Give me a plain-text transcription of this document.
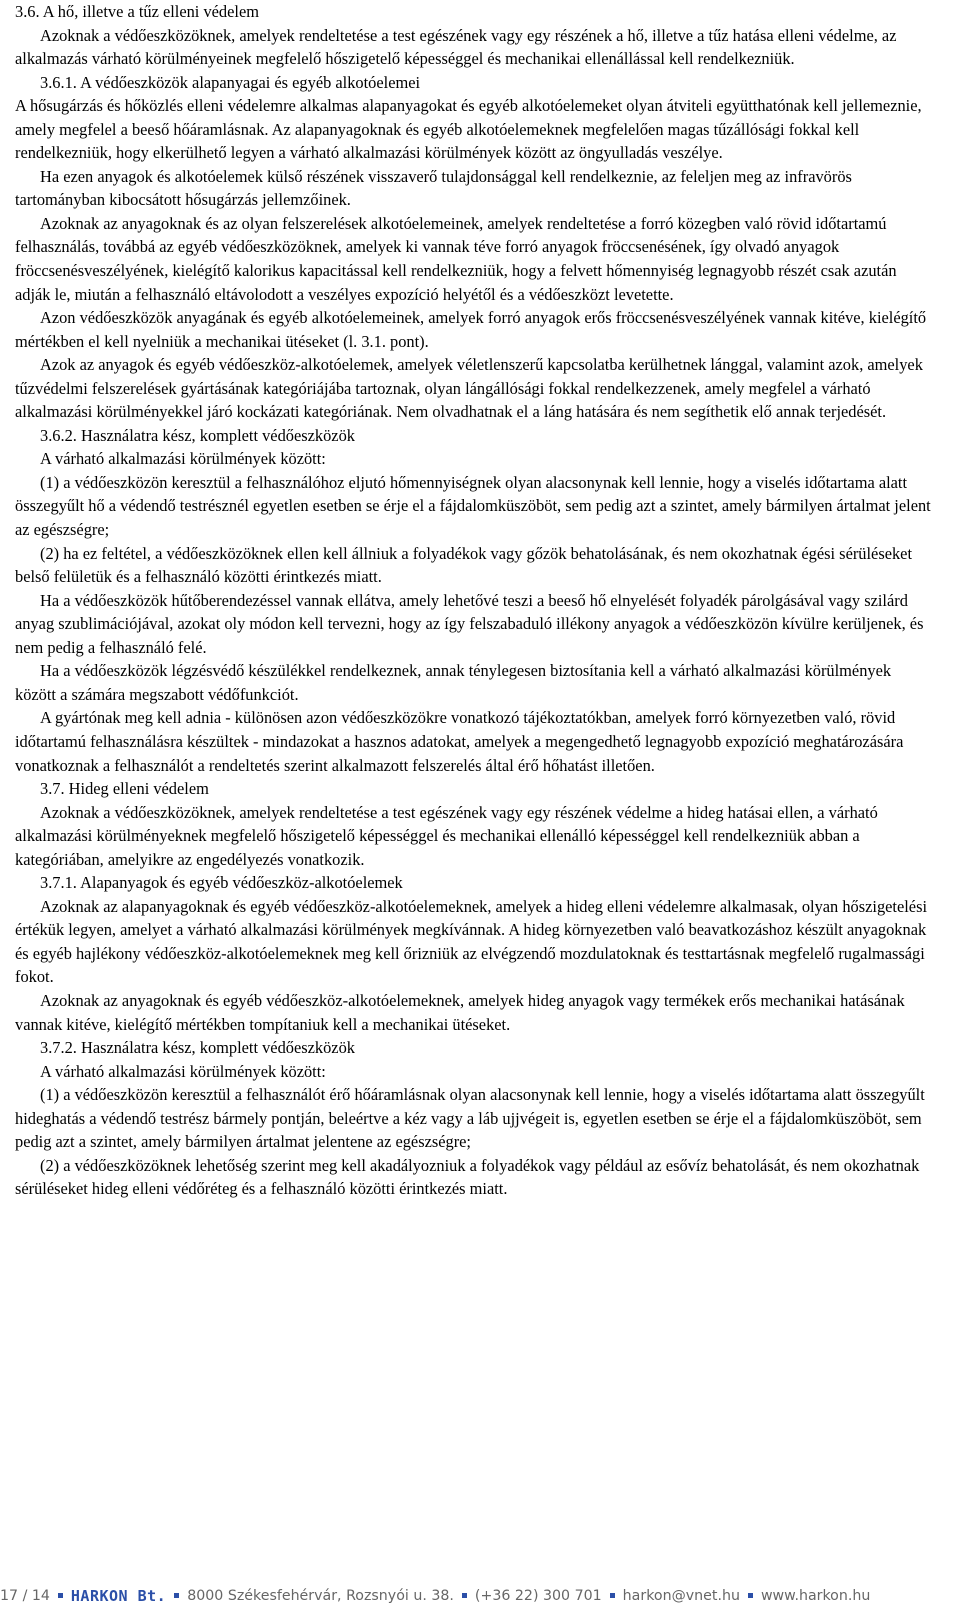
3.6. A hő, illetve a tűz elleni védelem

Azoknak a védőeszközöknek, amelyek rendeltetése a test egészének vagy egy részének a hő, illetve a tűz hatása elleni védelme, az alkalmazás várható körülményeinek megfelelő hőszigetelő képességgel és mechanikai ellenállással kell rendelkezniük.

3.6.1. A védőeszközök alapanyagai és egyéb alkotóelemei

A hősugárzás és hőközlés elleni védelemre alkalmas alapanyagokat és egyéb alkotóelemeket olyan átviteli együtthatónak kell jellemeznie, amely megfelel a beeső hőáramlásnak. Az alapanyagoknak és egyéb alkotóelemeknek megfelelően magas tűzállósági fokkal kell rendelkezniük, hogy elkerülhető legyen a várható alkalmazási körülmények között az öngyulladás veszélye.

Ha ezen anyagok és alkotóelemek külső részének visszaverő tulajdonsággal kell rendelkeznie, az feleljen meg az infravörös tartományban kibocsátott hősugárzás jellemzőinek.

Azoknak az anyagoknak és az olyan felszerelések alkotóelemeinek, amelyek rendeltetése a forró közegben való rövid időtartamú felhasználás, továbbá az egyéb védőeszközöknek, amelyek ki vannak téve forró anyagok fröccsenésének, így olvadó anyagok fröccsenésveszélyének, kielégítő kalorikus kapacitással kell rendelkezniük, hogy a felvett hőmennyiség legnagyobb részét csak azután adják le, miután a felhasználó eltávolodott a veszélyes expozíció helyétől és a védőeszközt levetette.

Azon védőeszközök anyagának és egyéb alkotóelemeinek, amelyek forró anyagok erős fröccsenésveszélyének vannak kitéve, kielégítő mértékben el kell nyelniük a mechanikai ütéseket (l. 3.1. pont).

Azok az anyagok és egyéb védőeszköz-alkotóelemek, amelyek véletlenszerű kapcsolatba kerülhetnek lánggal, valamint azok, amelyek tűzvédelmi felszerelések gyártásának kategóriájába tartoznak, olyan lángállósági fokkal rendelkezzenek, amely megfelel a várható alkalmazási körülményekkel járó kockázati kategóriának. Nem olvadhatnak el a láng hatására és nem segíthetik elő annak terjedését.

3.6.2. Használatra kész, komplett védőeszközök

A várható alkalmazási körülmények között:

(1) a védőeszközön keresztül a felhasználóhoz eljutó hőmennyiségnek olyan alacsonynak kell lennie, hogy a viselés időtartama alatt összegyűlt hő a védendő testrésznél egyetlen esetben se érje el a fájdalomküszöböt, sem pedig azt a szintet, amely bármilyen ártalmat jelent az egészségre;

(2) ha ez feltétel, a védőeszközöknek ellen kell állniuk a folyadékok vagy gőzök behatolásának, és nem okozhatnak égési sérüléseket belső felületük és a felhasználó közötti érintkezés miatt.

Ha a védőeszközök hűtőberendezéssel vannak ellátva, amely lehetővé teszi a beeső hő elnyelését folyadék párolgásával vagy szilárd anyag szublimációjával, azokat oly módon kell tervezni, hogy az így felszabaduló illékony anyagok a védőeszközön kívülre kerüljenek, és nem pedig a felhasználó felé.

Ha a védőeszközök légzésvédő készülékkel rendelkeznek, annak ténylegesen biztosítania kell a várható alkalmazási körülmények között a számára megszabott védőfunkciót.

A gyártónak meg kell adnia - különösen azon védőeszközökre vonatkozó tájékoztatókban, amelyek forró környezetben való, rövid időtartamú felhasználásra készültek - mindazokat a hasznos adatokat, amelyek a megengedhető legnagyobb expozíció meghatározására vonatkoznak a felhasználót a rendeltetés szerint alkalmazott felszerelés által érő hőhatást illetően.

3.7. Hideg elleni védelem

Azoknak a védőeszközöknek, amelyek rendeltetése a test egészének vagy egy részének védelme a hideg hatásai ellen, a várható alkalmazási körülményeknek megfelelő hőszigetelő képességgel és mechanikai ellenálló képességgel kell rendelkezniük abban a kategóriában, amelyikre az engedélyezés vonatkozik.

3.7.1. Alapanyagok és egyéb védőeszköz-alkotóelemek

Azoknak az alapanyagoknak és egyéb védőeszköz-alkotóelemeknek, amelyek a hideg elleni védelemre alkalmasak, olyan hőszigetelési értékük legyen, amelyet a várható alkalmazási körülmények megkívánnak. A hideg környezetben való beavatkozáshoz készült anyagoknak és egyéb hajlékony védőeszköz-alkotóelemeknek meg kell őrizniük az elvégzendő mozdulatoknak és testtartásnak megfelelő rugalmassági fokot.

Azoknak az anyagoknak és egyéb védőeszköz-alkotóelemeknek, amelyek hideg anyagok vagy termékek erős mechanikai hatásának vannak kitéve, kielégítő mértékben tompítaniuk kell a mechanikai ütéseket.

3.7.2. Használatra kész, komplett védőeszközök

A várható alkalmazási körülmények között:

(1) a védőeszközön keresztül a felhasználót érő hőáramlásnak olyan alacsonynak kell lennie, hogy a viselés időtartama alatt összegyűlt hideghatás a védendő testrész bármely pontján, beleértve a kéz vagy a láb ujjvégeit is, egyetlen esetben se érje el a fájdalomküszöböt, sem pedig azt a szintet, amely bármilyen ártalmat jelentene az egészségre;

(2) a védőeszközöknek lehetőség szerint meg kell akadályozniuk a folyadékok vagy például az esővíz behatolását, és nem okozhatnak sérüléseket hideg elleni védőréteg és a felhasználó közötti érintkezés miatt.

17 / 14 HARKON Bt. 8000 Székesfehérvár, Rozsnyói u. 38. (+36 22) 300 701 harkon@vnet.hu www.harkon.hu
